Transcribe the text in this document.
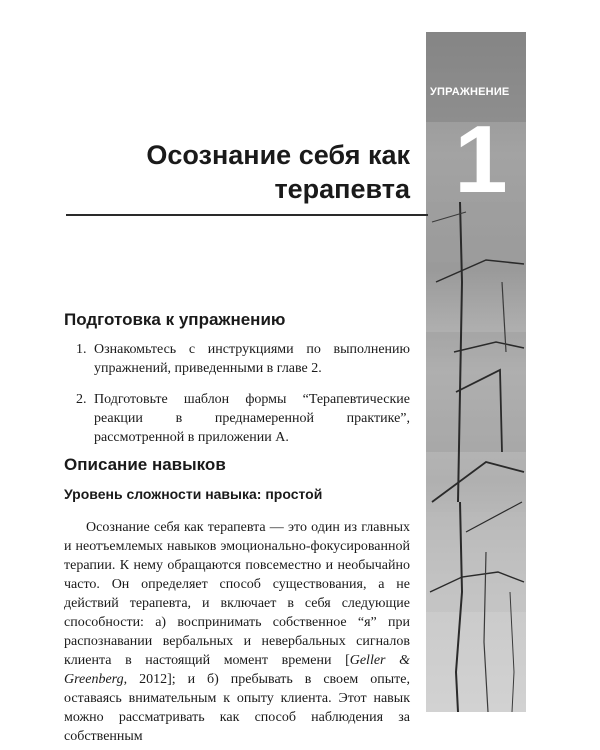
УПРАЖНЕНИЕ
1
Осознание себя как
терапевта
Подготовка к упражнению
1. Ознакомьтесь с инструкциями по выполнению упражнений, приведенными в главе 2.
2. Подготовьте шаблон формы “Терапевтические реакции в преднамеренной практике”, рассмотренной в приложении А.
Описание навыков
Уровень сложности навыка: простой

Осознание себя как терапевта — это один из главных и неотъемлемых навыков эмоционально-фокусированной терапии. К нему обращаются повсеместно и необычайно часто. Он определяет способ существования, а не действий терапевта, и включает в себя следующие способности: а) воспринимать собственное “я” при распознавании вербальных и невербальных сигналов клиента в настоящий момент времени [Geller & Greenberg, 2012]; и б) пребывать в своем опыте, оставаясь внимательным к опыту клиента. Этот навык можно рассматривать как способ наблюдения за собственным
